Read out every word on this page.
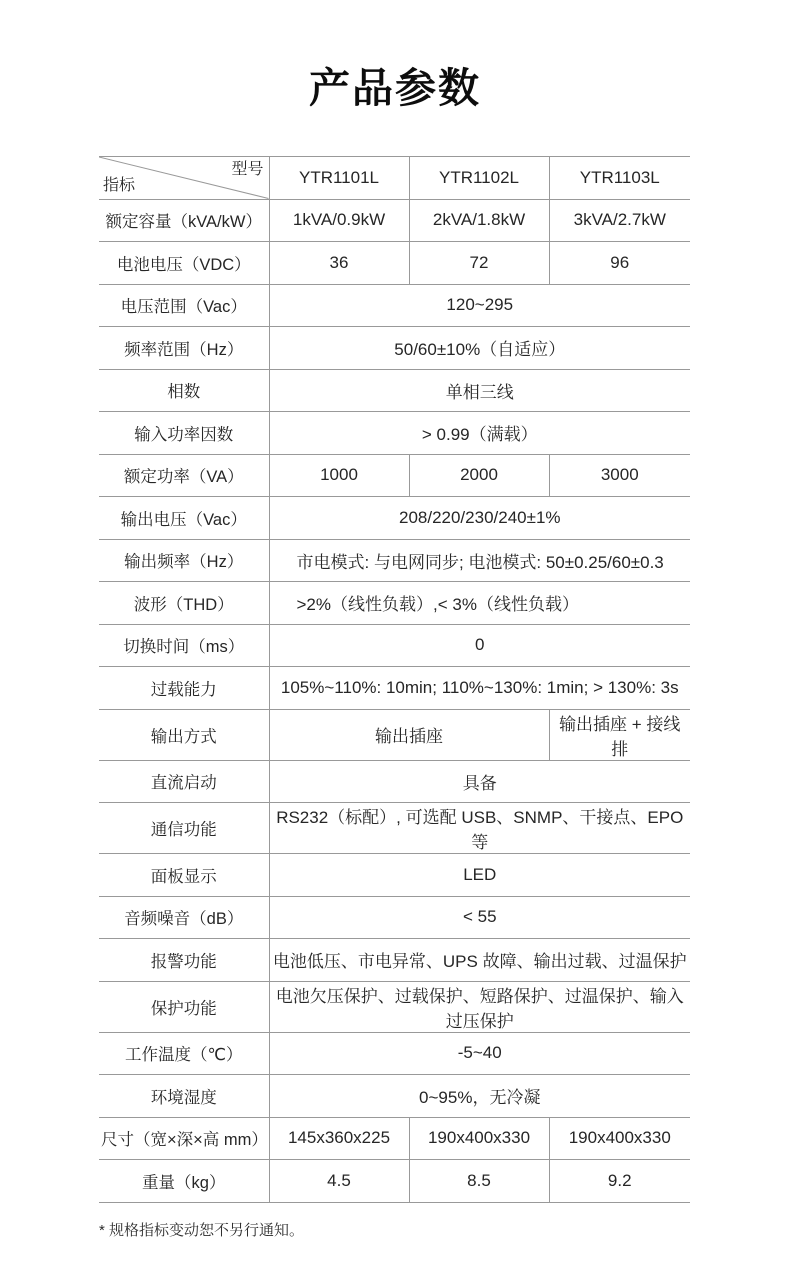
产品参数
型号
指标	YTR1101L	YTR1102L	YTR1103L
额定容量（kVA/kW）	1kVA/0.9kW	2kVA/1.8kW	3kVA/2.7kW
电池电压（VDC）	36	72	96
电压范围（Vac）	120~295		
频率范围（Hz）	50/60±10%（自适应）		
相数	单相三线		
输入功率因数	> 0.99（满载）		
额定功率（VA）	1000	2000	3000
输出电压（Vac）	208/220/230/240±1%		
输出频率（Hz）	市电模式: 与电网同步; 电池模式: 50±0.25/60±0.3		
波形（THD）	>2%（线性负载）,< 3%（线性负载）		
切换时间（ms）	0		
过载能力	105%~110%: 10min; 110%~130%: 1min; > 130%: 3s		
输出方式	输出插座		输出插座 + 接线排
直流启动	具备		
通信功能	RS232（标配）, 可选配 USB、SNMP、干接点、EPO 等		
面板显示	LED		
音频噪音（dB）	< 55		
报警功能	电池低压、市电异常、UPS 故障、输出过载、过温保护		
保护功能	电池欠压保护、过载保护、短路保护、过温保护、输入过压保护		
工作温度（℃）	-5~40		
环境湿度	0~95%，无冷凝		
尺寸（宽×深×高 mm）	145x360x225	190x400x330	190x400x330
重量（kg）	4.5	8.5	9.2

* 规格指标变动恕不另行通知。
